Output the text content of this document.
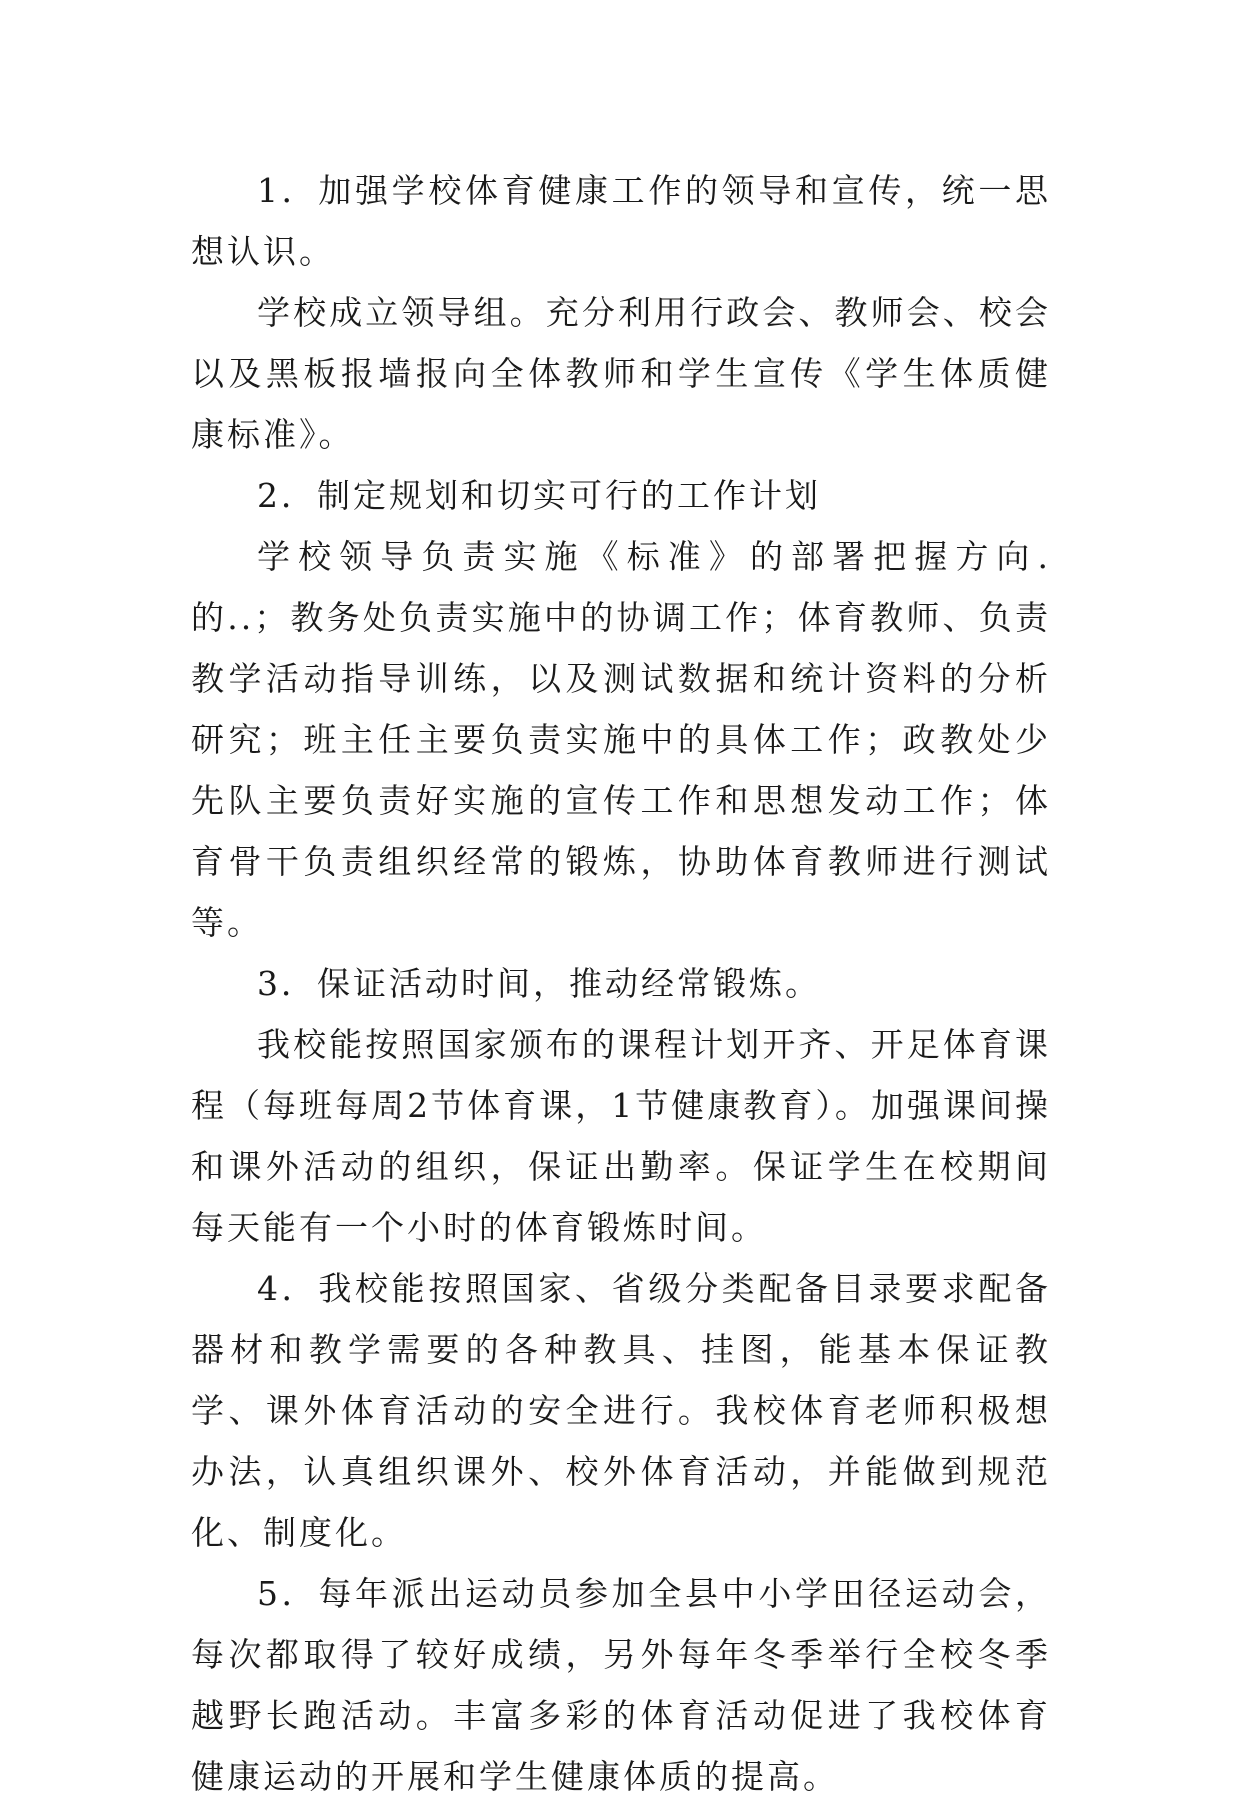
1．加强学校体育健康工作的领导和宣传，统一思想认识。

学校成立领导组。充分利用行政会、教师会、校会以及黑板报墙报向全体教师和学生宣传《学生体质健康标准》。

2．制定规划和切实可行的工作计划

学校领导负责实施《标准》的部署把握方向.的..；教务处负责实施中的协调工作；体育教师、负责教学活动指导训练，以及测试数据和统计资料的分析研究；班主任主要负责实施中的具体工作；政教处少先队主要负责好实施的宣传工作和思想发动工作；体育骨干负责组织经常的锻炼，协助体育教师进行测试等。

3．保证活动时间，推动经常锻炼。

我校能按照国家颁布的课程计划开齐、开足体育课程（每班每周2节体育课，1节健康教育）。加强课间操和课外活动的组织，保证出勤率。保证学生在校期间每天能有一个小时的体育锻炼时间。

4．我校能按照国家、省级分类配备目录要求配备器材和教学需要的各种教具、挂图，能基本保证教学、课外体育活动的安全进行。我校体育老师积极想办法，认真组织课外、校外体育活动，并能做到规范化、制度化。

5．每年派出运动员参加全县中小学田径运动会，每次都取得了较好成绩，另外每年冬季举行全校冬季越野长跑活动。丰富多彩的体育活动促进了我校体育健康运动的开展和学生健康体质的提高。
